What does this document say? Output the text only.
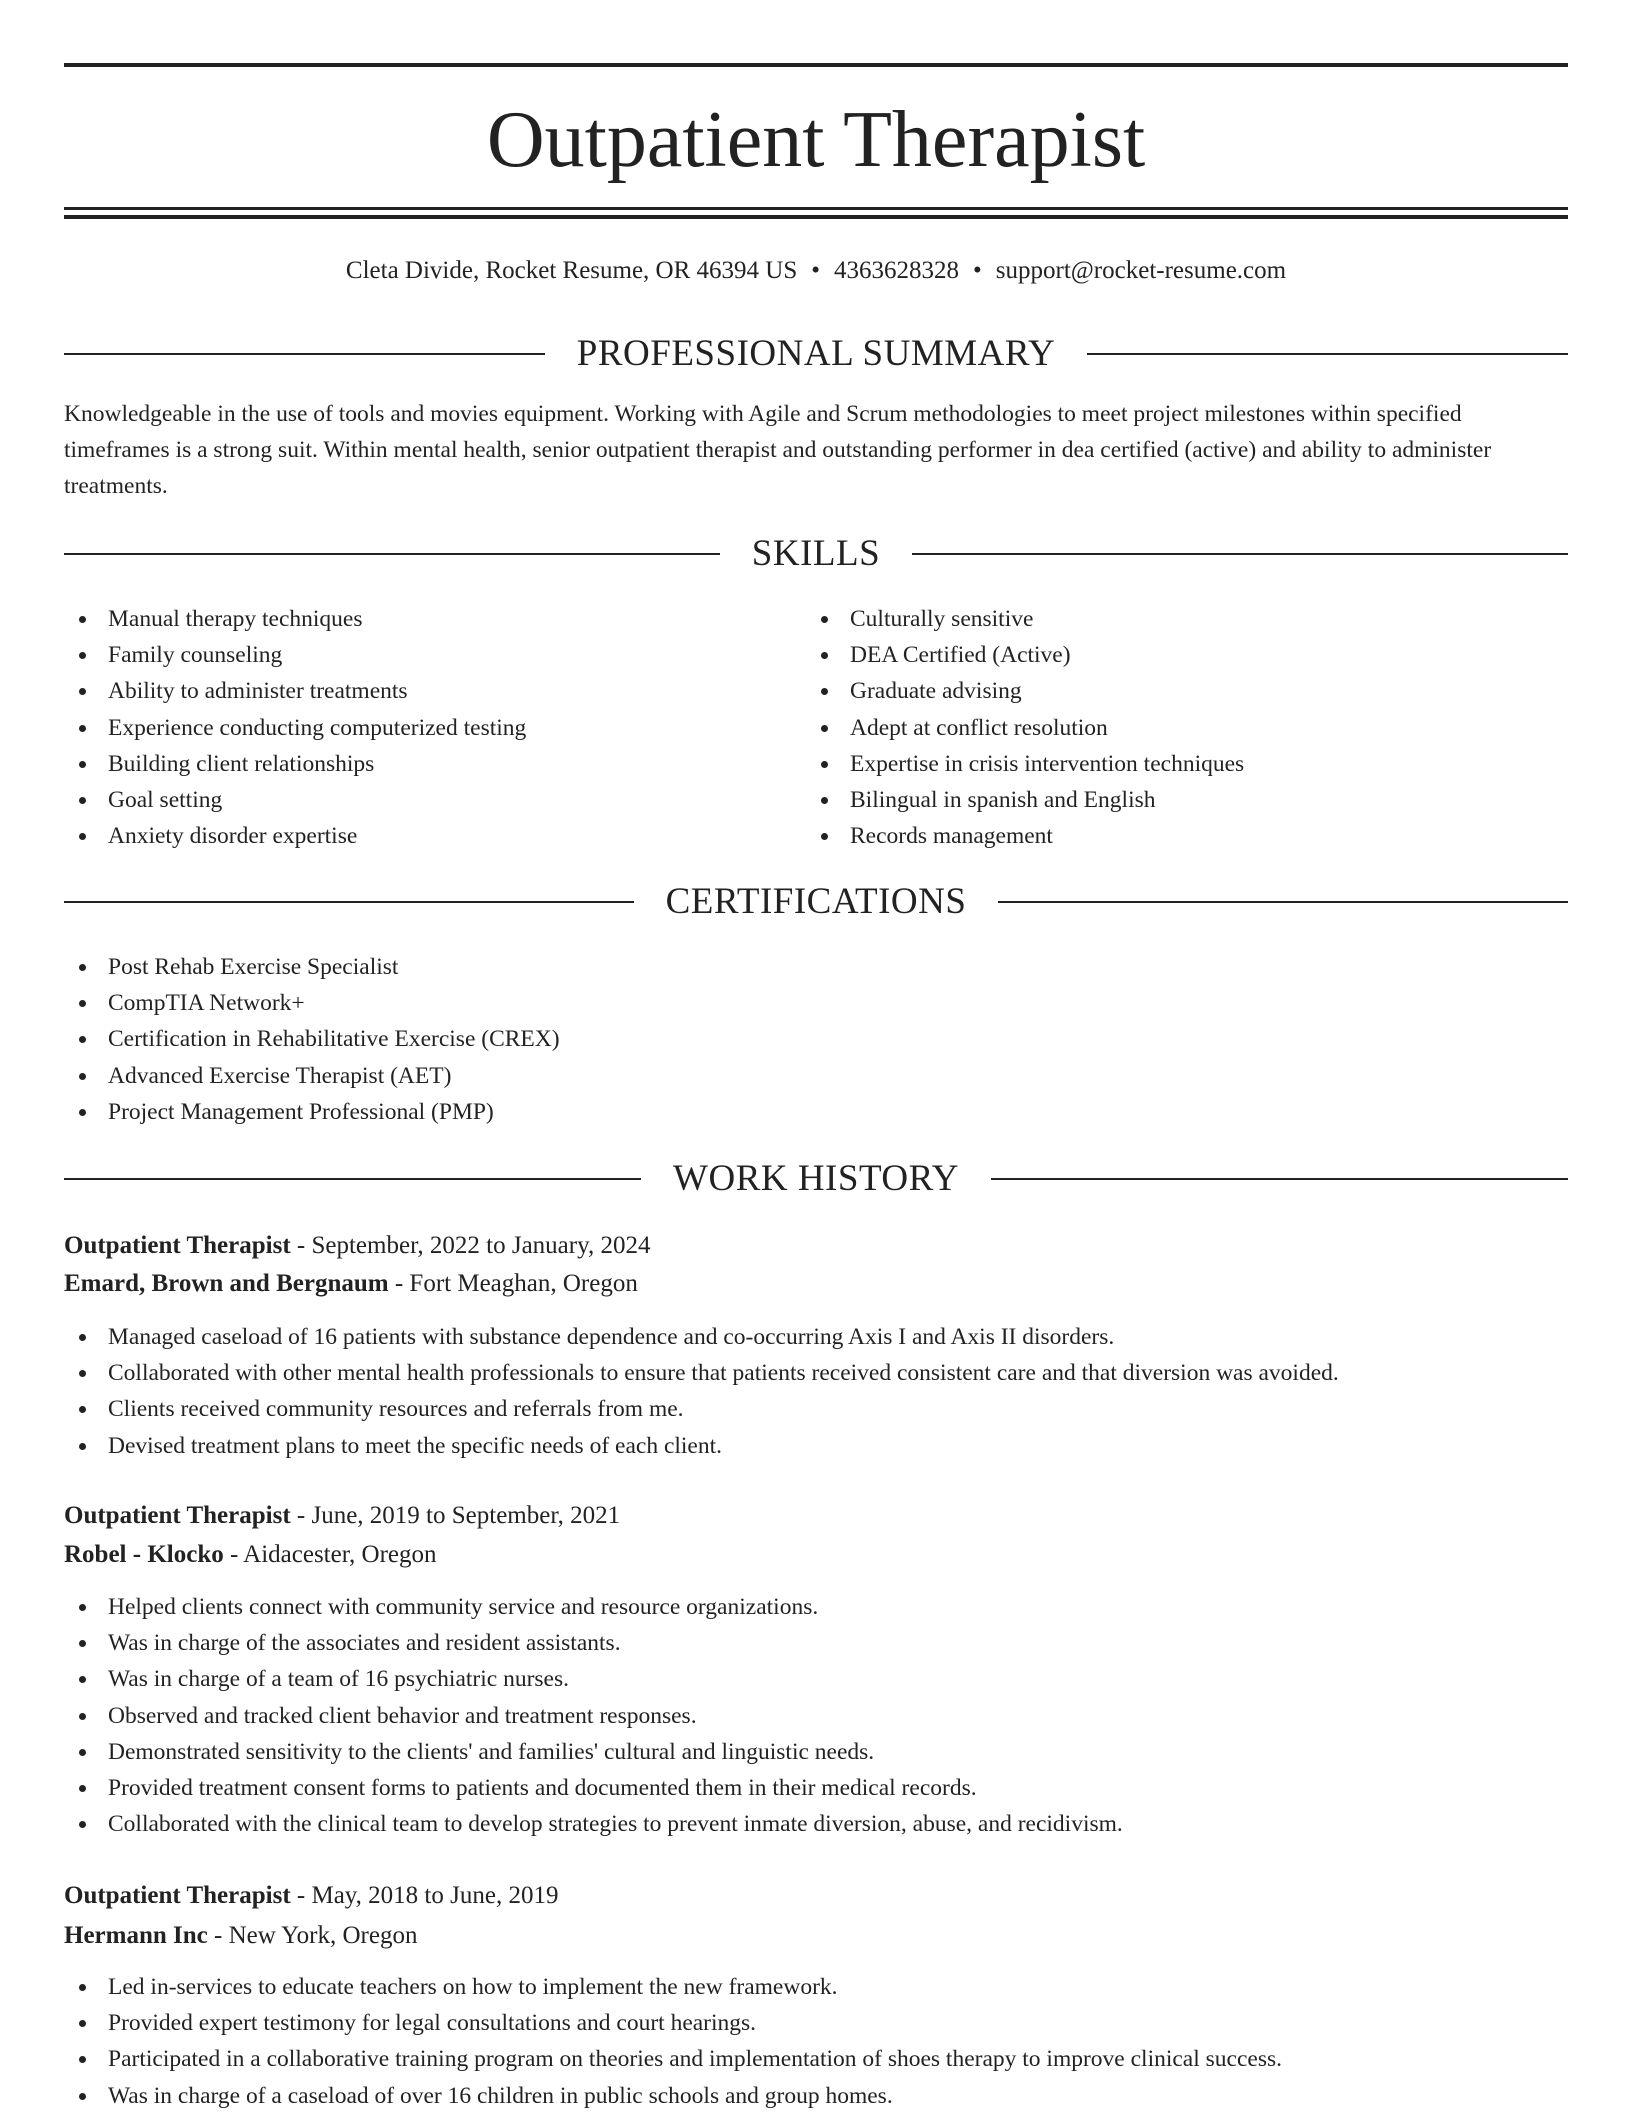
Outpatient Therapist
Cleta Divide, Rocket Resume, OR 46394 US • 4363628328 • support@rocket-resume.com
PROFESSIONAL SUMMARY
Knowledgeable in the use of tools and movies equipment. Working with Agile and Scrum methodologies to meet project milestones within specified timeframes is a strong suit. Within mental health, senior outpatient therapist and outstanding performer in dea certified (active) and ability to administer treatments.
SKILLS
Manual therapy techniques
Family counseling
Ability to administer treatments
Experience conducting computerized testing
Building client relationships
Goal setting
Anxiety disorder expertise
Culturally sensitive
DEA Certified (Active)
Graduate advising
Adept at conflict resolution
Expertise in crisis intervention techniques
Bilingual in spanish and English
Records management
CERTIFICATIONS
Post Rehab Exercise Specialist
CompTIA Network+
Certification in Rehabilitative Exercise (CREX)
Advanced Exercise Therapist (AET)
Project Management Professional (PMP)
WORK HISTORY
Outpatient Therapist - September, 2022 to January, 2024
Emard, Brown and Bergnaum - Fort Meaghan, Oregon
Managed caseload of 16 patients with substance dependence and co-occurring Axis I and Axis II disorders.
Collaborated with other mental health professionals to ensure that patients received consistent care and that diversion was avoided.
Clients received community resources and referrals from me.
Devised treatment plans to meet the specific needs of each client.
Outpatient Therapist - June, 2019 to September, 2021
Robel - Klocko - Aidacester, Oregon
Helped clients connect with community service and resource organizations.
Was in charge of the associates and resident assistants.
Was in charge of a team of 16 psychiatric nurses.
Observed and tracked client behavior and treatment responses.
Demonstrated sensitivity to the clients' and families' cultural and linguistic needs.
Provided treatment consent forms to patients and documented them in their medical records.
Collaborated with the clinical team to develop strategies to prevent inmate diversion, abuse, and recidivism.
Outpatient Therapist - May, 2018 to June, 2019
Hermann Inc - New York, Oregon
Led in-services to educate teachers on how to implement the new framework.
Provided expert testimony for legal consultations and court hearings.
Participated in a collaborative training program on theories and implementation of shoes therapy to improve clinical success.
Was in charge of a caseload of over 16 children in public schools and group homes.
